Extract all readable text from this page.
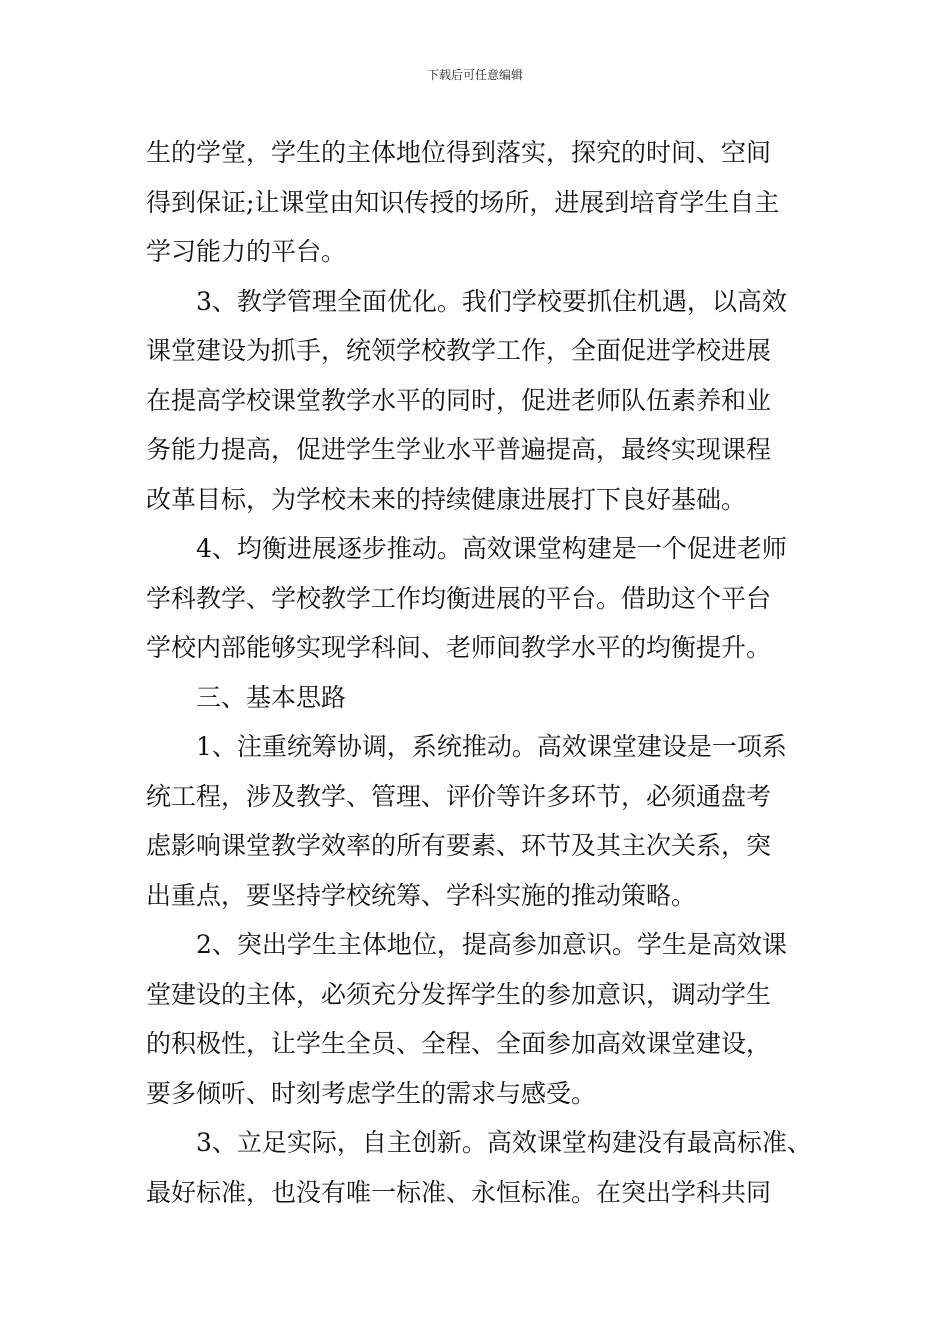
下载后可任意编辑
生的学堂，学生的主体地位得到落实，探究的时间、空间
得到保证;让课堂由知识传授的场所，进展到培育学生自主
学习能力的平台。
　　3、教学管理全面优化。我们学校要抓住机遇，以高效
课堂建设为抓手，统领学校教学工作，全面促进学校进展
在提高学校课堂教学水平的同时，促进老师队伍素养和业
务能力提高，促进学生学业水平普遍提高，最终实现课程
改革目标，为学校未来的持续健康进展打下良好基础。
　　4、均衡进展逐步推动。高效课堂构建是一个促进老师
学科教学、学校教学工作均衡进展的平台。借助这个平台
学校内部能够实现学科间、老师间教学水平的均衡提升。
　　三、基本思路
　　1、注重统筹协调，系统推动。高效课堂建设是一项系
统工程，涉及教学、管理、评价等许多环节，必须通盘考
虑影响课堂教学效率的所有要素、环节及其主次关系，突
出重点，要坚持学校统筹、学科实施的推动策略。
　　2、突出学生主体地位，提高参加意识。学生是高效课
堂建设的主体，必须充分发挥学生的参加意识，调动学生
的积极性，让学生全员、全程、全面参加高效课堂建设，
要多倾听、时刻考虑学生的需求与感受。
　　3、立足实际，自主创新。高效课堂构建没有最高标准、
最好标准，也没有唯一标准、永恒标准。在突出学科共同
